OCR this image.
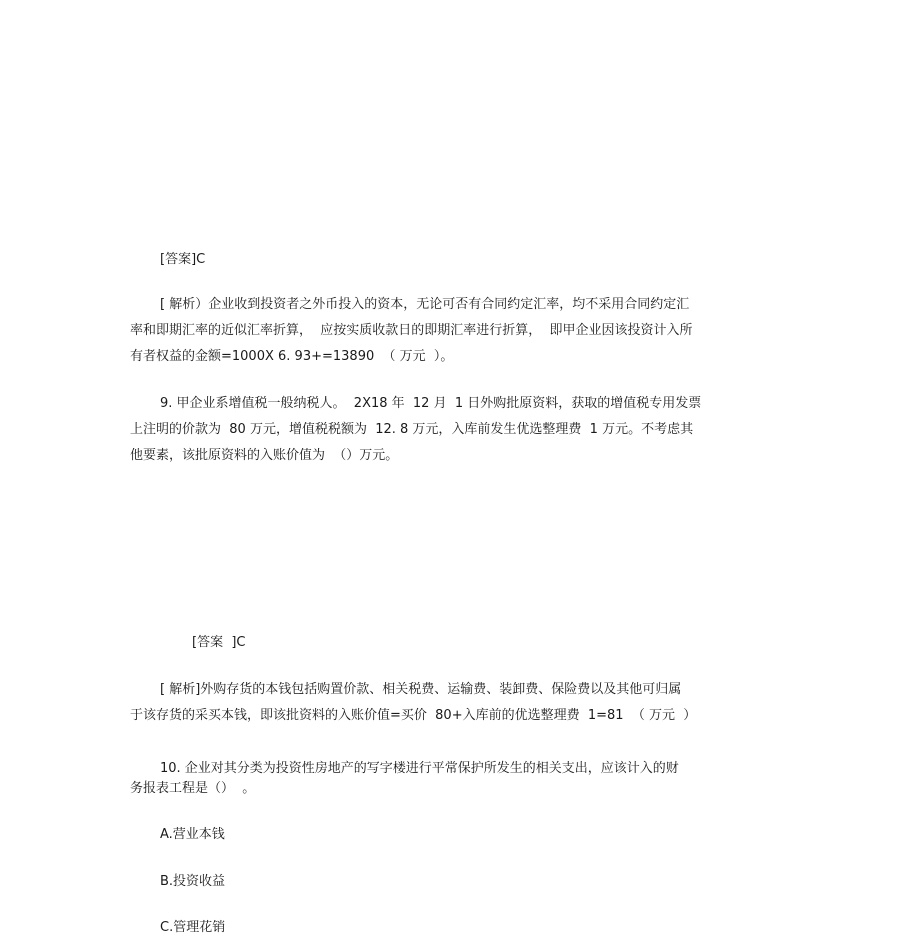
[答案]C

[ 解析）企业收到投资者之外币投入的资本，无论可否有合同约定汇率，均不采用合同约定汇

率和即期汇率的近似汇率折算，  应按实质收款日的即期汇率进行折算，  即甲企业因该投资计入所

有者权益的金额=1000X 6. 93+=13890  （ 万元  ）。

9. 甲企业系增值税一般纳税人。  2X18 年  12 月  1 日外购批原资料，获取的增值税专用发票

上注明的价款为  80 万元，增值税税额为  12. 8 万元，入库前发生优选整理费  1 万元。不考虑其

他要素，该批原资料的入账价值为  （）万元。

[答案  ]C

[ 解析]外购存货的本钱包括购置价款、相关税费、运输费、装卸费、保险费以及其他可归属

于该存货的采买本钱，即该批资料的入账价值=买价  80+入库前的优选整理费  1=81  （ 万元  ）

10. 企业对其分类为投资性房地产的写字楼进行平常保护所发生的相关支出，应该计入的财

务报表工程是（）  。

A.营业本钱

B.投资收益

C.管理花销
